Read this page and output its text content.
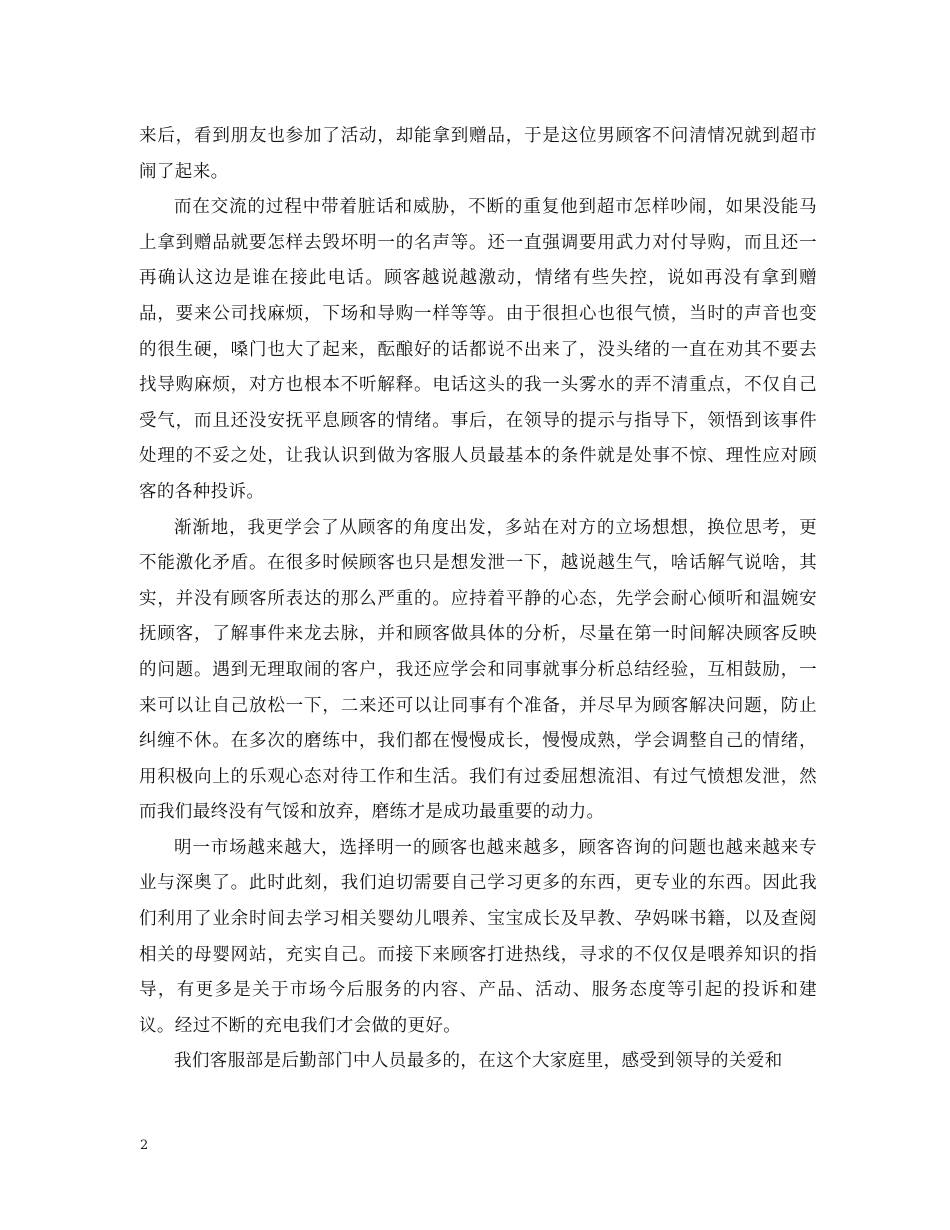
来后，看到朋友也参加了活动，却能拿到赠品，于是这位男顾客不问清情况就到超市闹了起来。

而在交流的过程中带着脏话和威胁，不断的重复他到超市怎样吵闹，如果没能马上拿到赠品就要怎样去毁坏明一的名声等。还一直强调要用武力对付导购，而且还一再确认这边是谁在接此电话。顾客越说越激动，情绪有些失控，说如再没有拿到赠品，要来公司找麻烦，下场和导购一样等等。由于很担心也很气愤，当时的声音也变的很生硬，嗓门也大了起来，酝酿好的话都说不出来了，没头绪的一直在劝其不要去找导购麻烦，对方也根本不听解释。电话这头的我一头雾水的弄不清重点，不仅自己受气，而且还没安抚平息顾客的情绪。事后，在领导的提示与指导下，领悟到该事件处理的不妥之处，让我认识到做为客服人员最基本的条件就是处事不惊、理性应对顾客的各种投诉。

渐渐地，我更学会了从顾客的角度出发，多站在对方的立场想想，换位思考，更不能激化矛盾。在很多时候顾客也只是想发泄一下，越说越生气，啥话解气说啥，其实，并没有顾客所表达的那么严重的。应持着平静的心态，先学会耐心倾听和温婉安抚顾客，了解事件来龙去脉，并和顾客做具体的分析，尽量在第一时间解决顾客反映的问题。遇到无理取闹的客户，我还应学会和同事就事分析总结经验，互相鼓励，一来可以让自己放松一下，二来还可以让同事有个准备，并尽早为顾客解决问题，防止纠缠不休。在多次的磨练中，我们都在慢慢成长，慢慢成熟，学会调整自己的情绪，用积极向上的乐观心态对待工作和生活。我们有过委屈想流泪、有过气愤想发泄，然而我们最终没有气馁和放弃，磨练才是成功最重要的动力。

明一市场越来越大，选择明一的顾客也越来越多，顾客咨询的问题也越来越来专业与深奥了。此时此刻，我们迫切需要自己学习更多的东西，更专业的东西。因此我们利用了业余时间去学习相关婴幼儿喂养、宝宝成长及早教、孕妈咪书籍，以及查阅相关的母婴网站，充实自己。而接下来顾客打进热线，寻求的不仅仅是喂养知识的指导，有更多是关于市场今后服务的内容、产品、活动、服务态度等引起的投诉和建议。经过不断的充电我们才会做的更好。

我们客服部是后勤部门中人员最多的，在这个大家庭里，感受到领导的关爱和

2
